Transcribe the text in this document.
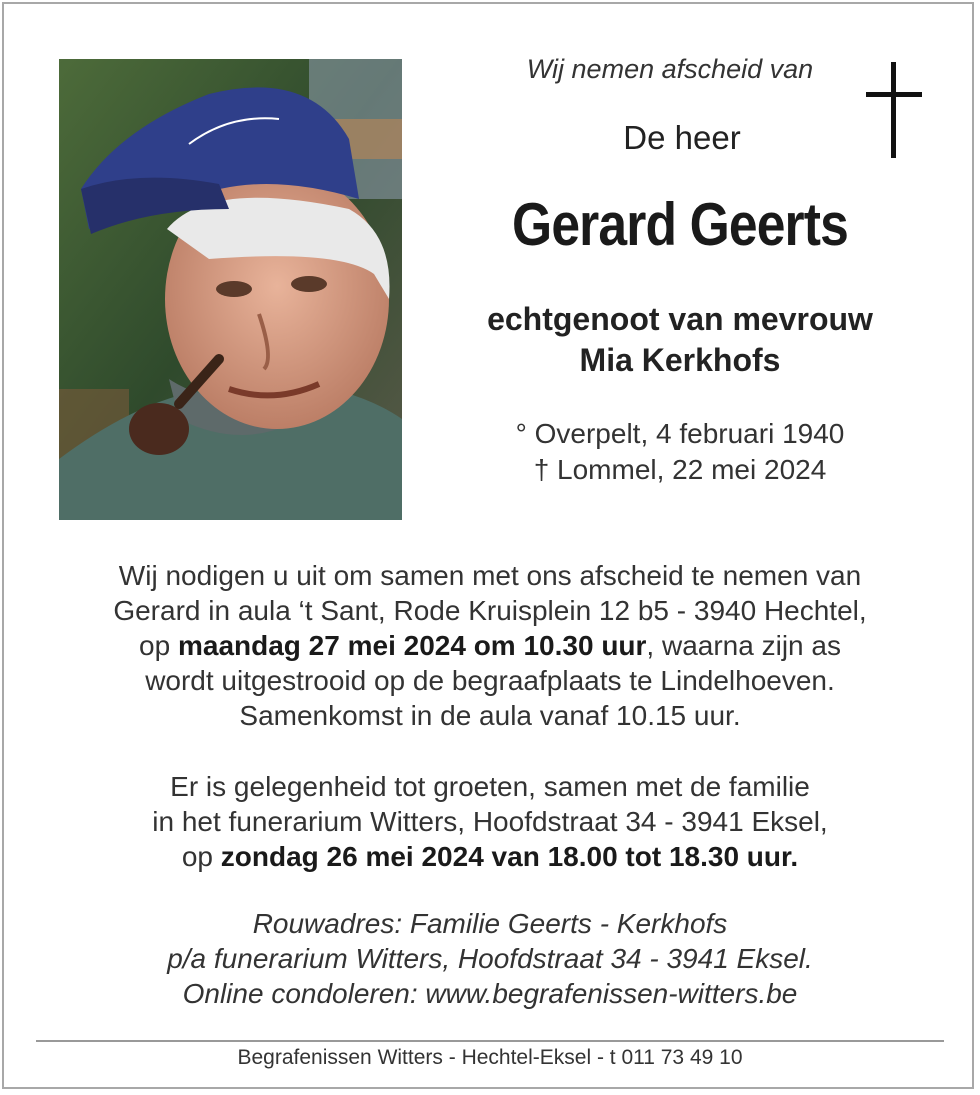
Wij nemen afscheid van
De heer
Gerard Geerts
echtgenoot van mevrouw
Mia Kerkhofs
° Overpelt, 4 februari 1940
† Lommel, 22 mei 2024
Wij nodigen u uit om samen met ons afscheid te nemen van
Gerard in aula ‘t Sant, Rode Kruisplein 12 b5 - 3940 Hechtel,
op maandag 27 mei 2024 om 10.30 uur, waarna zijn as
wordt uitgestrooid op de begraafplaats te Lindelhoeven.
Samenkomst in de aula vanaf 10.15 uur.
Er is gelegenheid tot groeten, samen met de familie
in het funerarium Witters, Hoofdstraat 34 - 3941 Eksel,
op zondag 26 mei 2024 van 18.00 tot 18.30 uur.
Rouwadres: Familie Geerts - Kerkhofs
p/a funerarium Witters, Hoofdstraat 34 - 3941 Eksel.
Online condoleren: www.begrafenissen-witters.be
Begrafenissen Witters - Hechtel-Eksel - t 011 73 49 10
